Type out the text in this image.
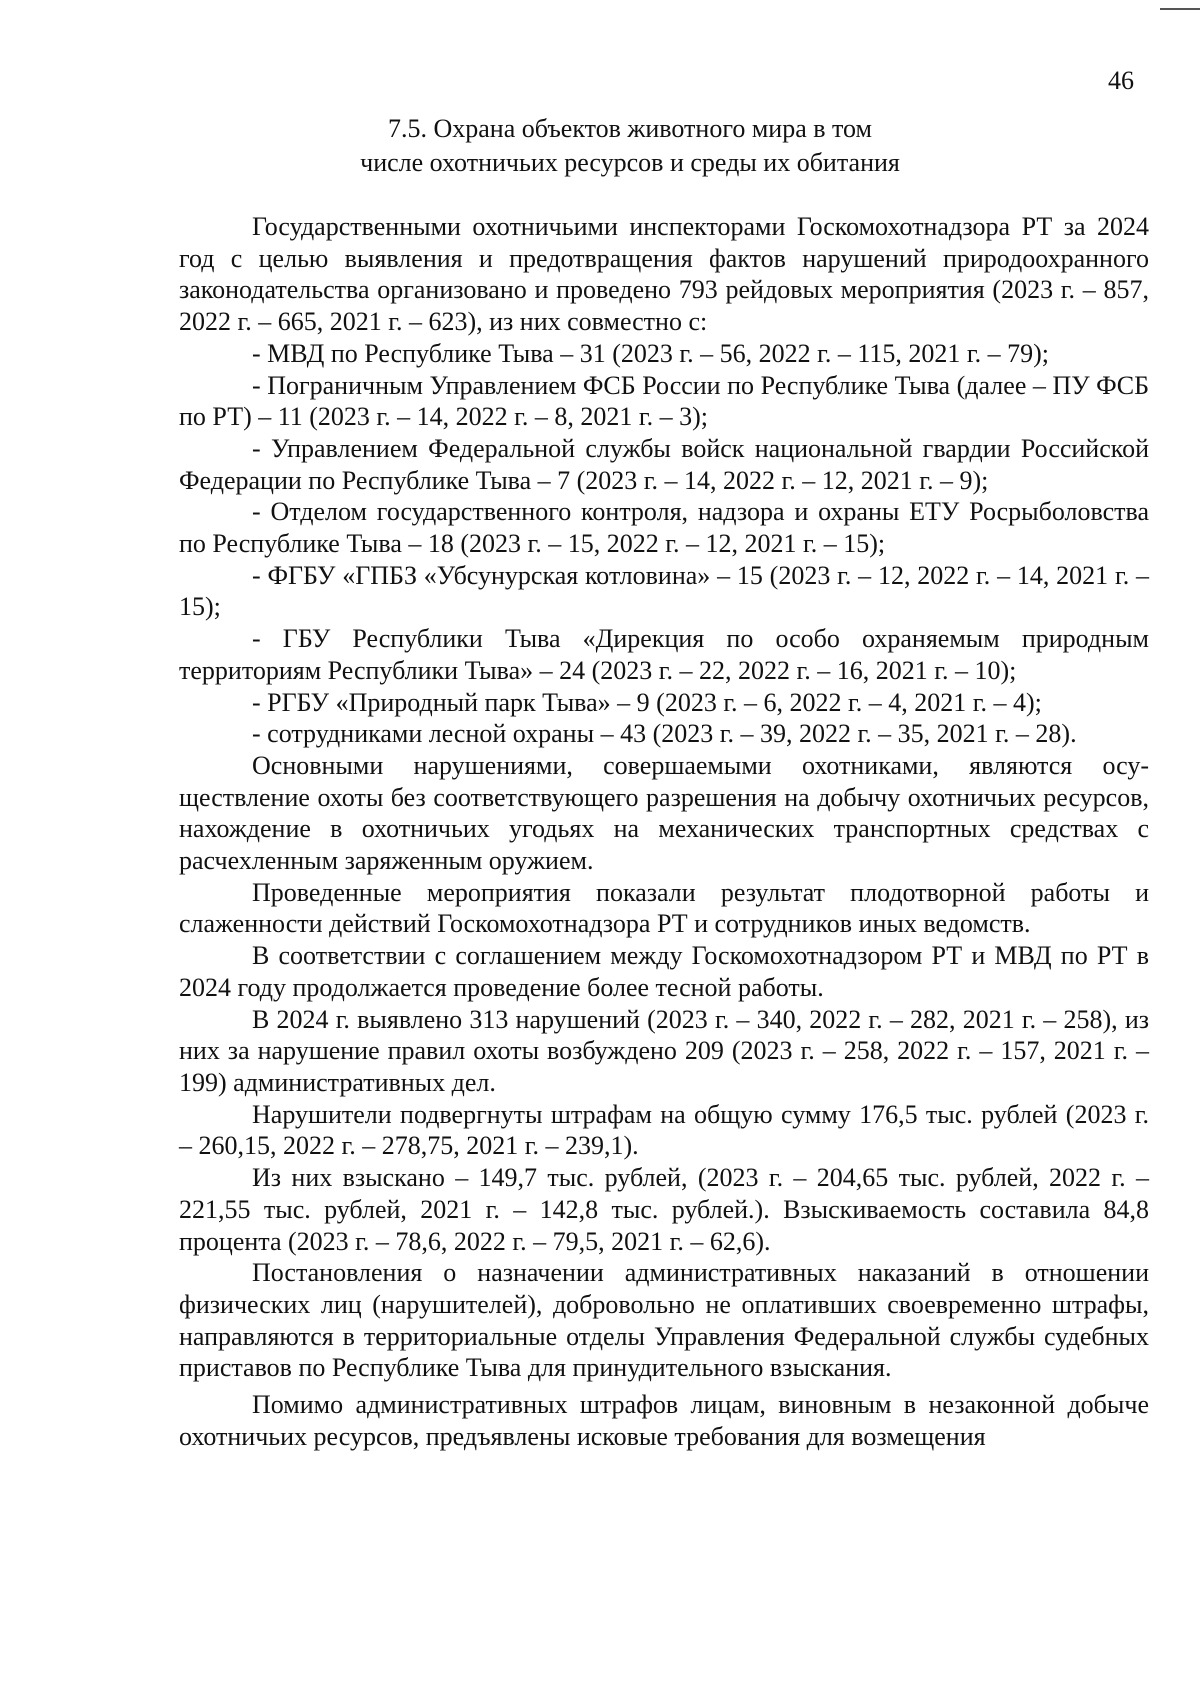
46
7.5. Охрана объектов животного мира в том
числе охотничьих ресурсов и среды их обитания

Государственными охотничьими инспекторами Госкомохотнадзора РТ за 2024 год с целью выявления и предотвращения фактов нарушений природоохранного законодательства организовано и проведено 793 рейдовых мероприятия (2023 г. – 857, 2022 г. – 665, 2021 г. – 623), из них совместно с:

- МВД по Республике Тыва – 31 (2023 г. – 56, 2022 г. – 115, 2021 г. – 79);

- Пограничным Управлением ФСБ России по Республике Тыва (далее – ПУ ФСБ по РТ) – 11 (2023 г. – 14, 2022 г. – 8, 2021 г. – 3);

- Управлением Федеральной службы войск национальной гвардии Российской Федерации по Республике Тыва – 7 (2023 г. – 14, 2022 г. – 12, 2021 г. – 9);

- Отделом государственного контроля, надзора и охраны ЕТУ Росрыболовства по Республике Тыва – 18 (2023 г. – 15, 2022 г. – 12, 2021 г. – 15);

- ФГБУ «ГПБЗ «Убсунурская котловина» – 15 (2023 г. – 12, 2022 г. – 14, 2021 г. – 15);

- ГБУ Республики Тыва «Дирекция по особо охраняемым природным территориям Республики Тыва» – 24 (2023 г. – 22, 2022 г. – 16, 2021 г. – 10);

- РГБУ «Природный парк Тыва» – 9 (2023 г. – 6, 2022 г. – 4, 2021 г. – 4);

- сотрудниками лесной охраны – 43 (2023 г. – 39, 2022 г. – 35, 2021 г. – 28).

Основными нарушениями, совершаемыми охотниками, являются осуществление охоты без соответствующего разрешения на добычу охотничьих ресурсов, нахождение в охотничьих угодьях на механических транспортных средствах с расчехленным заряженным оружием.

Проведенные мероприятия показали результат плодотворной работы и слаженности действий Госкомохотнадзора РТ и сотрудников иных ведомств.

В соответствии с соглашением между Госкомохотнадзором РТ и МВД по РТ в 2024 году продолжается проведение более тесной работы.

В 2024 г. выявлено 313 нарушений (2023 г. – 340, 2022 г. – 282, 2021 г. – 258), из них за нарушение правил охоты возбуждено 209 (2023 г. – 258, 2022 г. – 157, 2021 г. – 199) административных дел.

Нарушители подвергнуты штрафам на общую сумму 176,5 тыс. рублей (2023 г. – 260,15, 2022 г. – 278,75, 2021 г. – 239,1).

Из них взыскано – 149,7 тыс. рублей, (2023 г. – 204,65 тыс. рублей, 2022 г. – 221,55 тыс. рублей, 2021 г. – 142,8 тыс. рублей.). Взыскиваемость составила 84,8 процента (2023 г. – 78,6, 2022 г. – 79,5, 2021 г. – 62,6).

Постановления о назначении административных наказаний в отношении физических лиц (нарушителей), добровольно не оплативших своевременно штрафы, направляются в территориальные отделы Управления Федеральной службы судебных приставов по Республике Тыва для принудительного взыскания.

Помимо административных штрафов лицам, виновным в незаконной добыче охотничьих ресурсов, предъявлены исковые требования для возмещения
